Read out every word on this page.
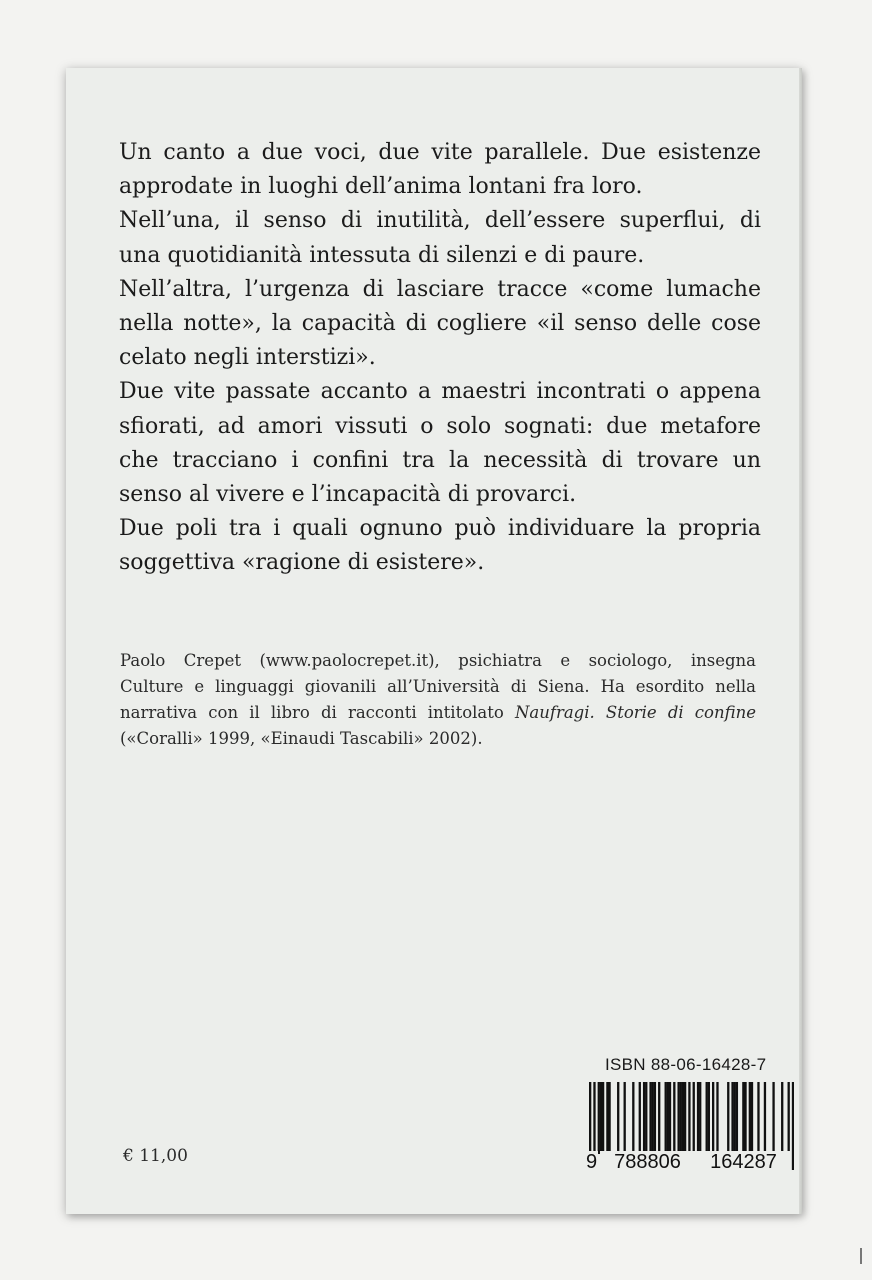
Un canto a due voci, due vite parallele. Due esistenze
approdate in luoghi dell’anima lontani fra loro.

Nell’una, il senso di inutilità, dell’essere superflui, di
una quotidianità intessuta di silenzi e di paure.

Nell’altra, l’urgenza di lasciare tracce «come lumache
nella notte», la capacità di cogliere «il senso delle cose
celato negli interstizi».

Due vite passate accanto a maestri incontrati o appena
sfiorati, ad amori vissuti o solo sognati: due metafore
che tracciano i confini tra la necessità di trovare un
senso al vivere e l’incapacità di provarci.

Due poli tra i quali ognuno può individuare la propria
soggettiva «ragione di esistere».

Paolo Crepet (www.paolocrepet.it), psichiatra e sociologo, insegna
Culture e linguaggi giovanili all’Università di Siena. Ha esordito nella
narrativa con il libro di racconti intitolato Naufragi. Storie di confine
(«Coralli» 1999, «Einaudi Tascabili» 2002).
€ 11,00
ISBN 88-06-16428-7
9 788806	164287
